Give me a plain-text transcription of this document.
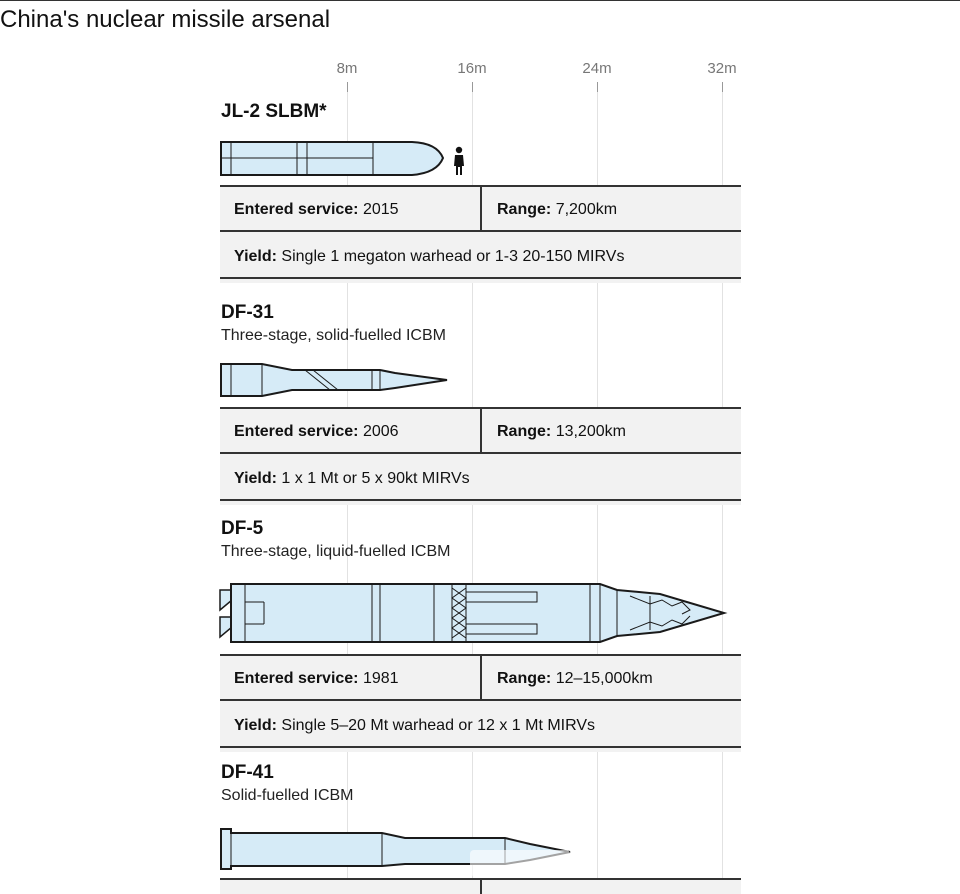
China's nuclear missile arsenal
8m	16m	24m	32m
JL-2 SLBM*
Entered service: 2015	Range: 7,200km
Yield: Single 1 megaton warhead or 1-3 20-150 MIRVs
DF-31
Three-stage, solid-fuelled ICBM
Entered service: 2006	Range: 13,200km
Yield: 1 x 1 Mt or 5 x 90kt MIRVs
DF-5
Three-stage, liquid-fuelled ICBM
Entered service: 1981	Range: 12–15,000km
Yield: Single 5–20 Mt warhead or 12 x 1 Mt MIRVs
DF-41
Solid-fuelled ICBM
